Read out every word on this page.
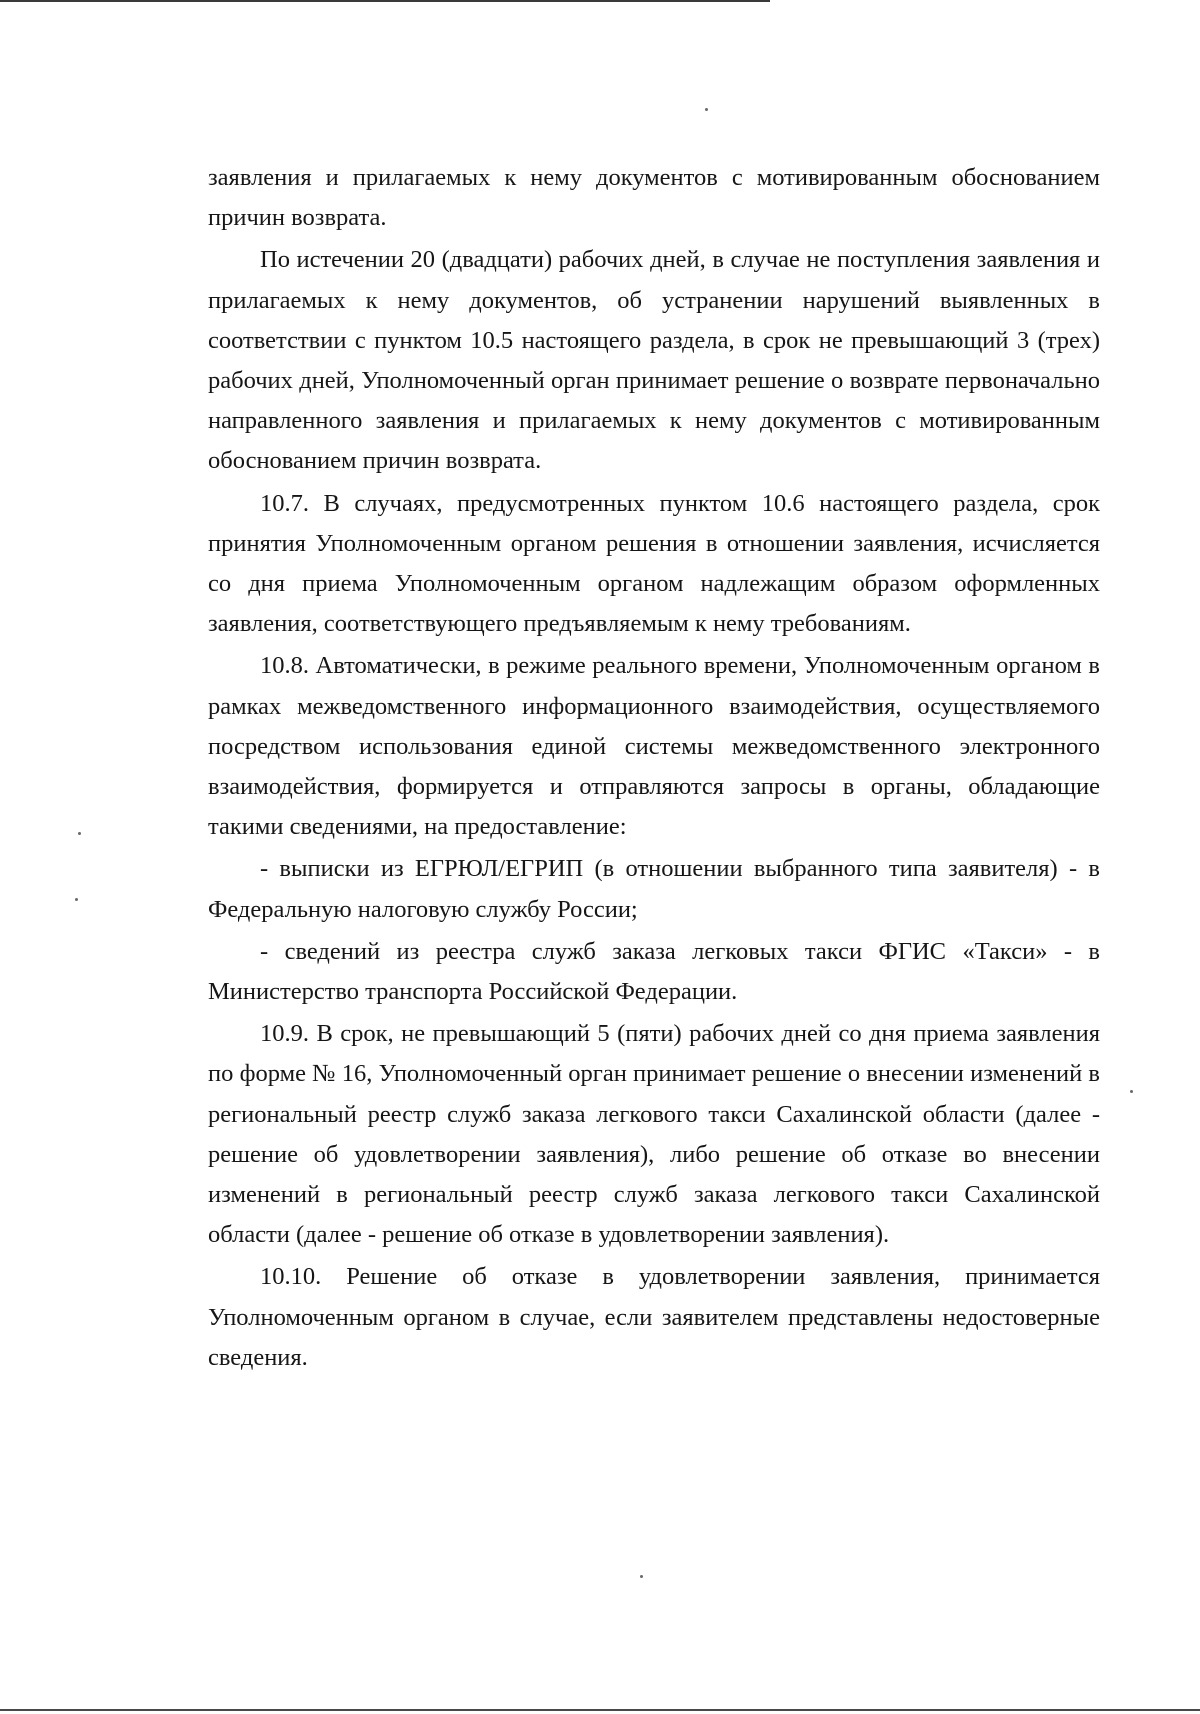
заявления и прилагаемых к нему документов с мотивированным обоснованием причин возврата.

По истечении 20 (двадцати) рабочих дней, в случае не поступления заявления и прилагаемых к нему документов, об устранении нарушений выявленных в соответствии с пунктом 10.5 настоящего раздела, в срок не превышающий 3 (трех) рабочих дней, Уполномоченный орган принимает решение о возврате первоначально направленного заявления и прилагаемых к нему документов с мотивированным обоснованием причин возврата.

10.7. В случаях, предусмотренных пунктом 10.6 настоящего раздела, срок принятия Уполномоченным органом решения в отношении заявления, исчисляется со дня приема Уполномоченным органом надлежащим образом оформленных заявления, соответствующего предъявляемым к нему требованиям.

10.8. Автоматически, в режиме реального времени, Уполномоченным органом в рамках межведомственного информационного взаимодействия, осуществляемого посредством использования единой системы межведомственного электронного взаимодействия, формируется и отправляются запросы в органы, обладающие такими сведениями, на предоставление:

- выписки из ЕГРЮЛ/ЕГРИП (в отношении выбранного типа заявителя) - в Федеральную налоговую службу России;

- сведений из реестра служб заказа легковых такси ФГИС «Такси» - в Министерство транспорта Российской Федерации.

10.9. В срок, не превышающий 5 (пяти) рабочих дней со дня приема заявления по форме № 16, Уполномоченный орган принимает решение о внесении изменений в региональный реестр служб заказа легкового такси Сахалинской области (далее - решение об удовлетворении заявления), либо решение об отказе во внесении изменений в региональный реестр служб заказа легкового такси Сахалинской области (далее - решение об отказе в удовлетворении заявления).

10.10. Решение об отказе в удовлетворении заявления, принимается Уполномоченным органом в случае, если заявителем представлены недостоверные сведения.
